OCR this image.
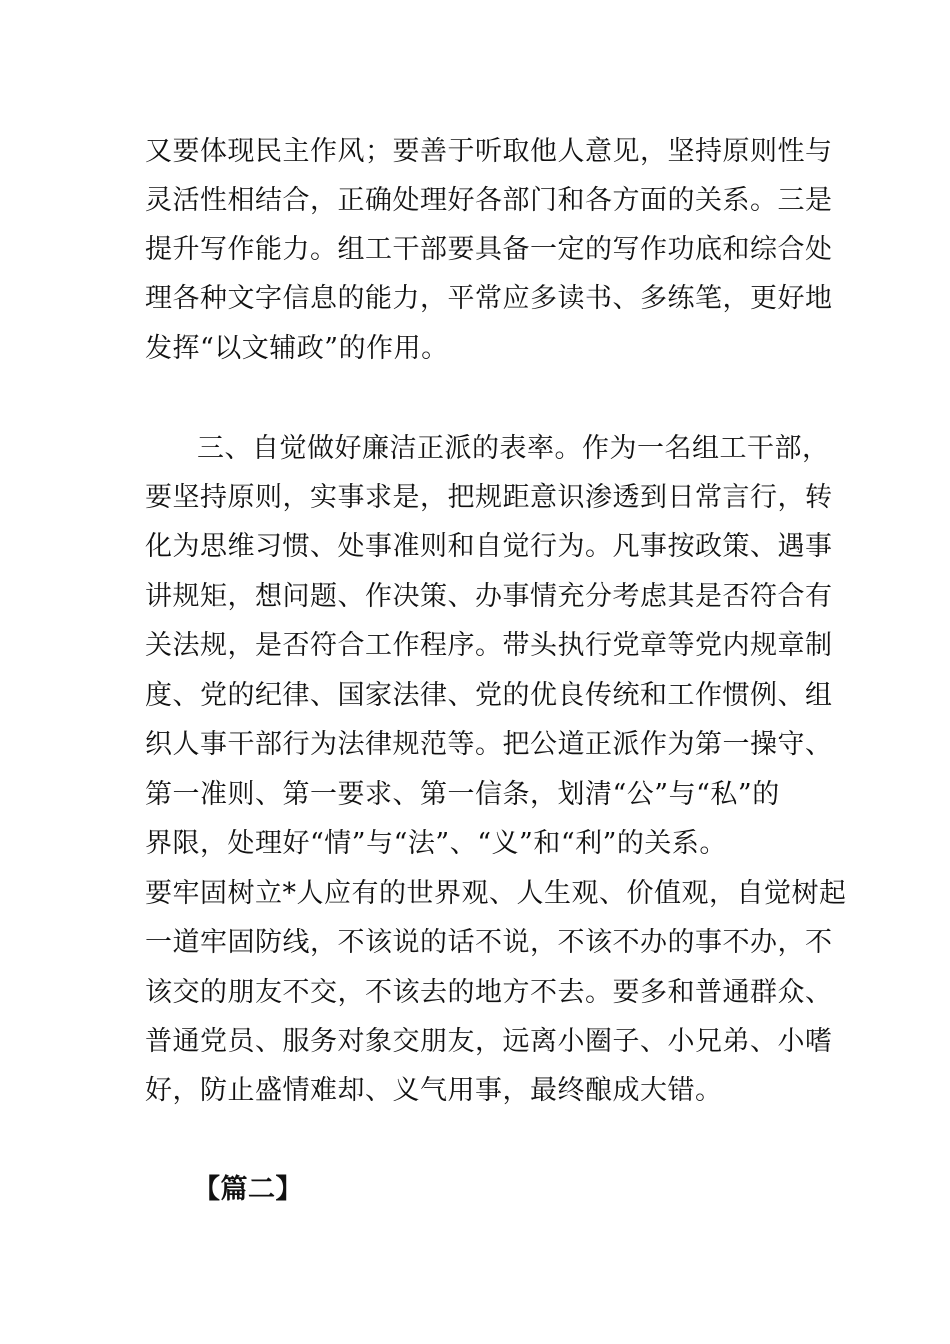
又要体现民主作风；要善于听取他人意见，坚持原则性与
灵活性相结合，正确处理好各部门和各方面的关系。三是
提升写作能力。组工干部要具备一定的写作功底和综合处
理各种文字信息的能力，平常应多读书、多练笔，更好地
发挥“以文辅政”的作用。
三、自觉做好廉洁正派的表率。作为一名组工干部，
要坚持原则，实事求是，把规距意识渗透到日常言行，转
化为思维习惯、处事准则和自觉行为。凡事按政策、遇事
讲规矩，想问题、作决策、办事情充分考虑其是否符合有
关法规，是否符合工作程序。带头执行党章等党内规章制
度、党的纪律、国家法律、党的优良传统和工作惯例、组
织人事干部行为法律规范等。把公道正派作为第一操守、
第一准则、第一要求、第一信条，划清“公”与“私”的
界限，处理好“情”与“法”、“义”和“利”的关系。
要牢固树立*人应有的世界观、人生观、价值观，自觉树起
一道牢固防线，不该说的话不说，不该不办的事不办，不
该交的朋友不交，不该去的地方不去。要多和普通群众、
普通党员、服务对象交朋友，远离小圈子、小兄弟、小嗜
好，防止盛情难却、义气用事，最终酿成大错。
【篇二】
